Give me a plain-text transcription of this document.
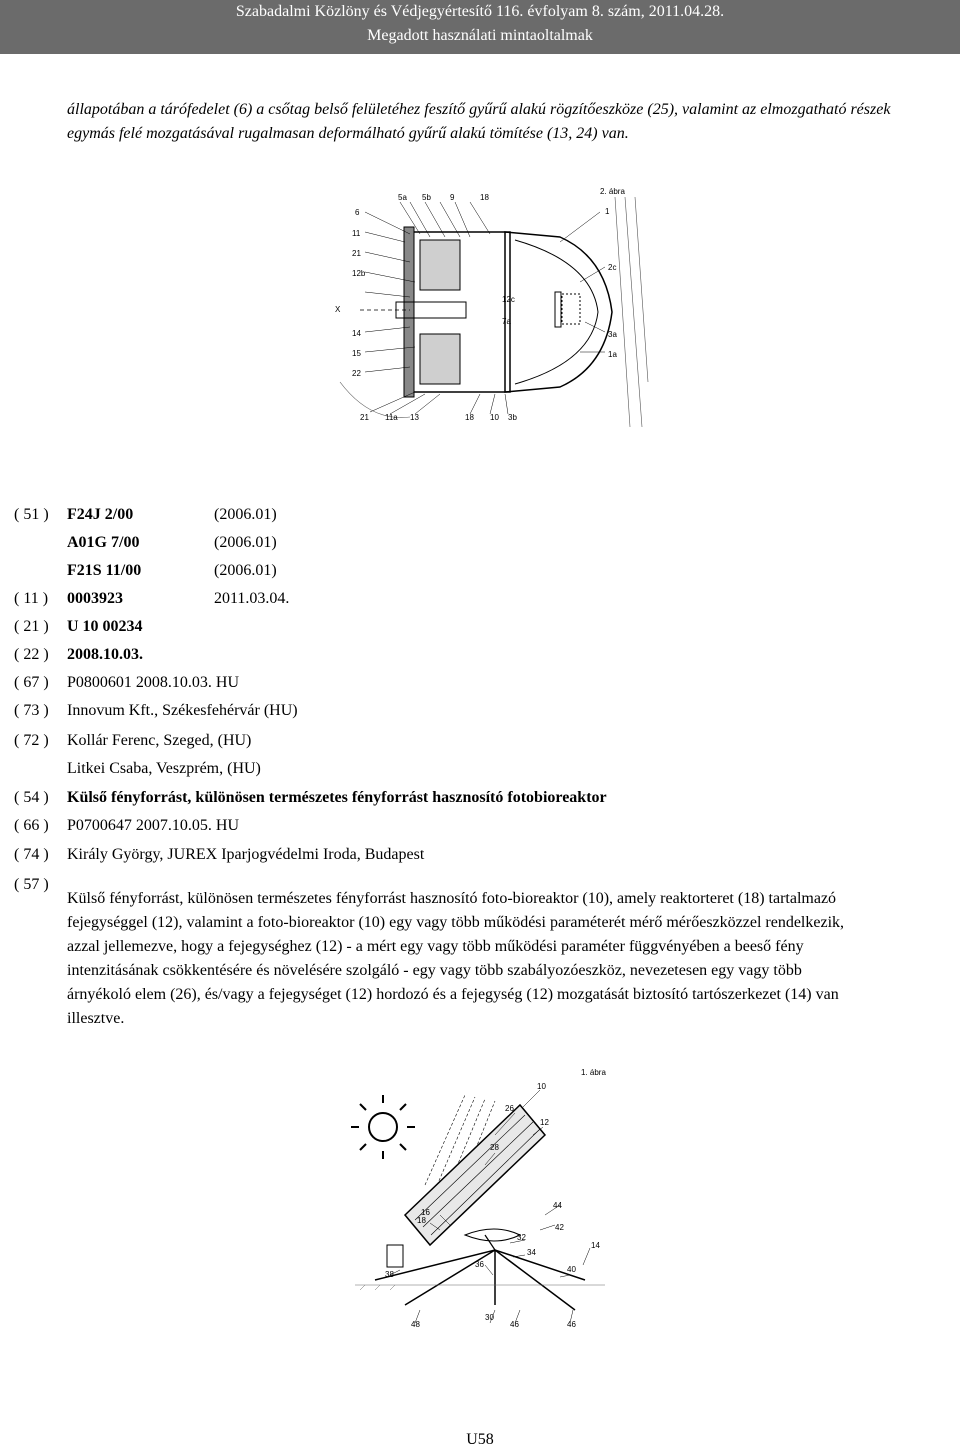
Szabadalmi Közlöny és Védjegyértesítő 116. évfolyam 8. szám, 2011.04.28.
Megadott használati mintaoltalmak
állapotában a tárófedelet (6) a csőtag belső felületéhez feszítő gyűrű alakú rögzítőeszköze (25), valamint az elmozgatható részek egymás felé mozgatásával rugalmasan deformálható gyűrű alakú tömítése (13, 24) van.
2. ábra
6
11
21
12b
X
14
15
22
5a 5b 9	18
1
2c
12c
7a
3a
1a
21 11a 13	18 10 3b
( 51 )	F24J 2/00	(2006.01)
A01G 7/00	(2006.01)
F21S 11/00	(2006.01)
( 11 )	0003923	2011.03.04.
( 21 )	U 10 00234
( 22 )	2008.10.03.
( 67 )	P0800601 2008.10.03. HU
( 73 )	Innovum Kft., Székesfehérvár (HU)
( 72 )	Kollár Ferenc, Szeged, (HU)
Litkei Csaba, Veszprém, (HU)
( 54 )	Külső fényforrást, különösen természetes fényforrást hasznosító fotobioreaktor
( 66 )	P0700647 2007.10.05. HU
( 74 )	Király György, JUREX Iparjogvédelmi Iroda, Budapest
( 57 )
Külső fényforrást, különösen természetes fényforrást hasznosító foto-bioreaktor (10), amely reaktorteret (18) tartalmazó fejegységgel (12), valamint a foto-bioreaktor (10) egy vagy több működési paraméterét mérő mérőeszközzel rendelkezik, azzal jellemezve, hogy a fejegységhez (12) - a mért egy vagy több működési paraméter függvényében a beeső fény intenzitásának csökkentésére és növelésére szolgáló - egy vagy több szabályozóeszköz, nevezetesen egy vagy több árnyékoló elem (26), és/vagy a fejegységet (12) hordozó és a fejegység (12) mozgatását biztosító tartószerkezet (14) van illesztve.
1. ábra
10
26
12
28
16
18
44
42
32
34
14
36
38
40
48
30
46	46
U58
